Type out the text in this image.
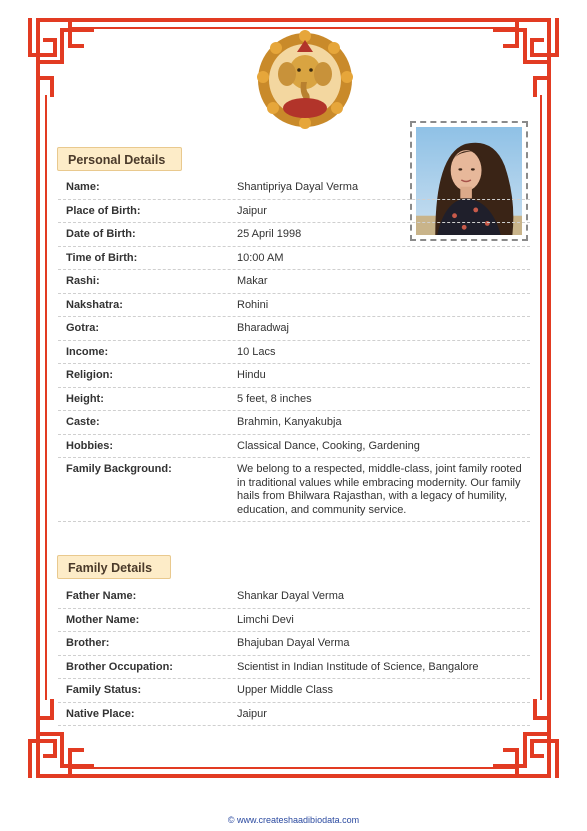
Personal Details
Name:	Shantipriya Dayal Verma
Place of Birth:	Jaipur
Date of Birth:	25 April 1998
Time of Birth:	10:00 AM
Rashi:	Makar
Nakshatra:	Rohini
Gotra:	Bharadwaj
Income:	10 Lacs
Religion:	Hindu
Height:	5 feet, 8 inches
Caste:	Brahmin, Kanyakubja
Hobbies:	Classical Dance, Cooking, Gardening
Family Background:	We belong to a respected, middle-class, joint family rooted in traditional values while embracing modernity. Our family hails from Bhilwara Rajasthan, with a legacy of humility, education, and community service.
Family Details
Father Name:	Shankar Dayal Verma
Mother Name:	Limchi Devi
Brother:	Bhajuban Dayal Verma
Brother Occupation:	Scientist in Indian Institude of Science, Bangalore
Family Status:	Upper Middle Class
Native Place:	Jaipur
© www.createshaadibiodata.com
